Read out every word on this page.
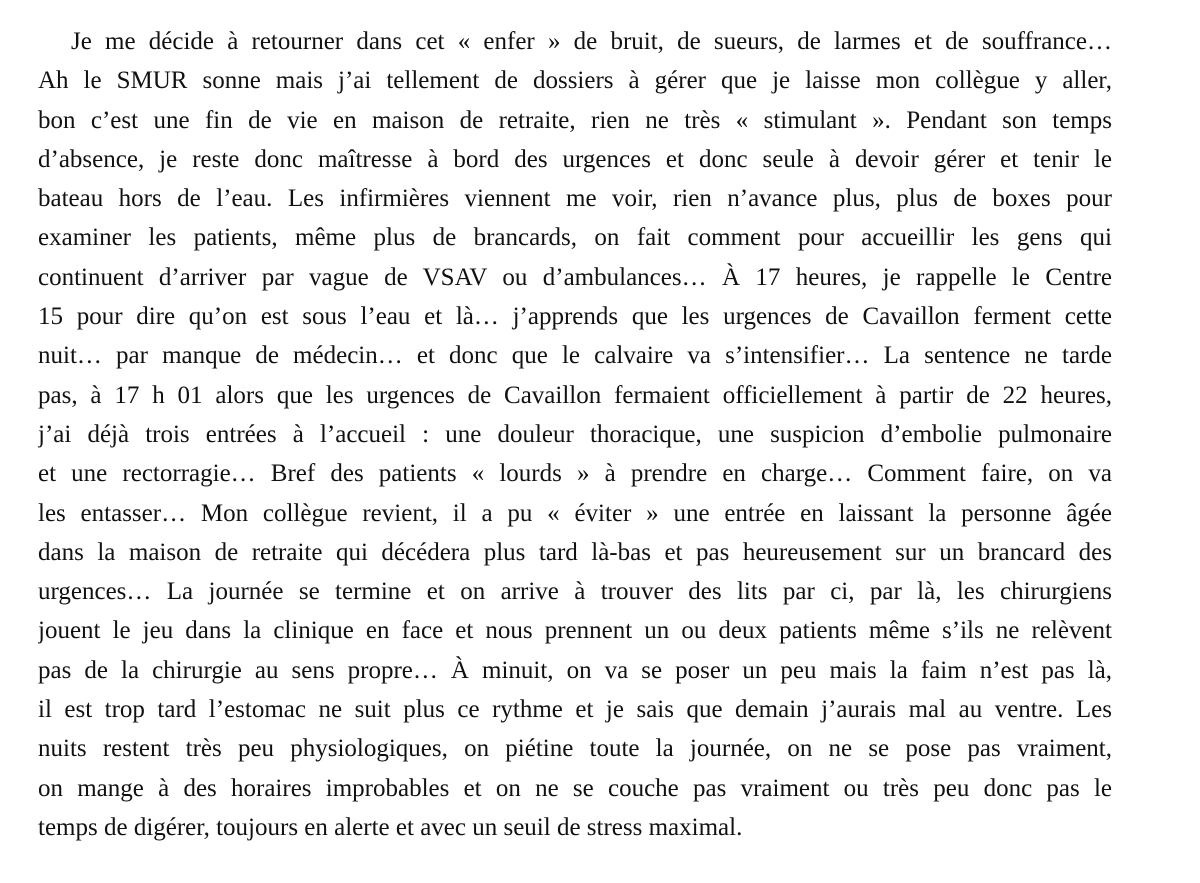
Je me décide à retourner dans cet « enfer » de bruit, de sueurs, de larmes et de souffrance…
Ah le SMUR sonne mais j’ai tellement de dossiers à gérer que je laisse mon collègue y aller,
bon c’est une fin de vie en maison de retraite, rien ne très « stimulant ». Pendant son temps
d’absence, je reste donc maîtresse à bord des urgences et donc seule à devoir gérer et tenir le
bateau hors de l’eau. Les infirmières viennent me voir, rien n’avance plus, plus de boxes pour
examiner les patients, même plus de brancards, on fait comment pour accueillir les gens qui
continuent d’arriver par vague de VSAV ou d’ambulances… À 17 heures, je rappelle le Centre
15 pour dire qu’on est sous l’eau et là… j’apprends que les urgences de Cavaillon ferment cette
nuit… par manque de médecin… et donc que le calvaire va s’intensifier… La sentence ne tarde
pas, à 17 h 01 alors que les urgences de Cavaillon fermaient officiellement à partir de 22 heures,
j’ai déjà trois entrées à l’accueil : une douleur thoracique, une suspicion d’embolie pulmonaire
et une rectorragie… Bref des patients « lourds » à prendre en charge… Comment faire, on va
les entasser… Mon collègue revient, il a pu « éviter » une entrée en laissant la personne âgée
dans la maison de retraite qui décédera plus tard là-bas et pas heureusement sur un brancard des
urgences… La journée se termine et on arrive à trouver des lits par ci, par là, les chirurgiens
jouent le jeu dans la clinique en face et nous prennent un ou deux patients même s’ils ne relèvent
pas de la chirurgie au sens propre… À minuit, on va se poser un peu mais la faim n’est pas là,
il est trop tard l’estomac ne suit plus ce rythme et je sais que demain j’aurais mal au ventre. Les
nuits restent très peu physiologiques, on piétine toute la journée, on ne se pose pas vraiment,
on mange à des horaires improbables et on ne se couche pas vraiment ou très peu donc pas le
temps de digérer, toujours en alerte et avec un seuil de stress maximal.
